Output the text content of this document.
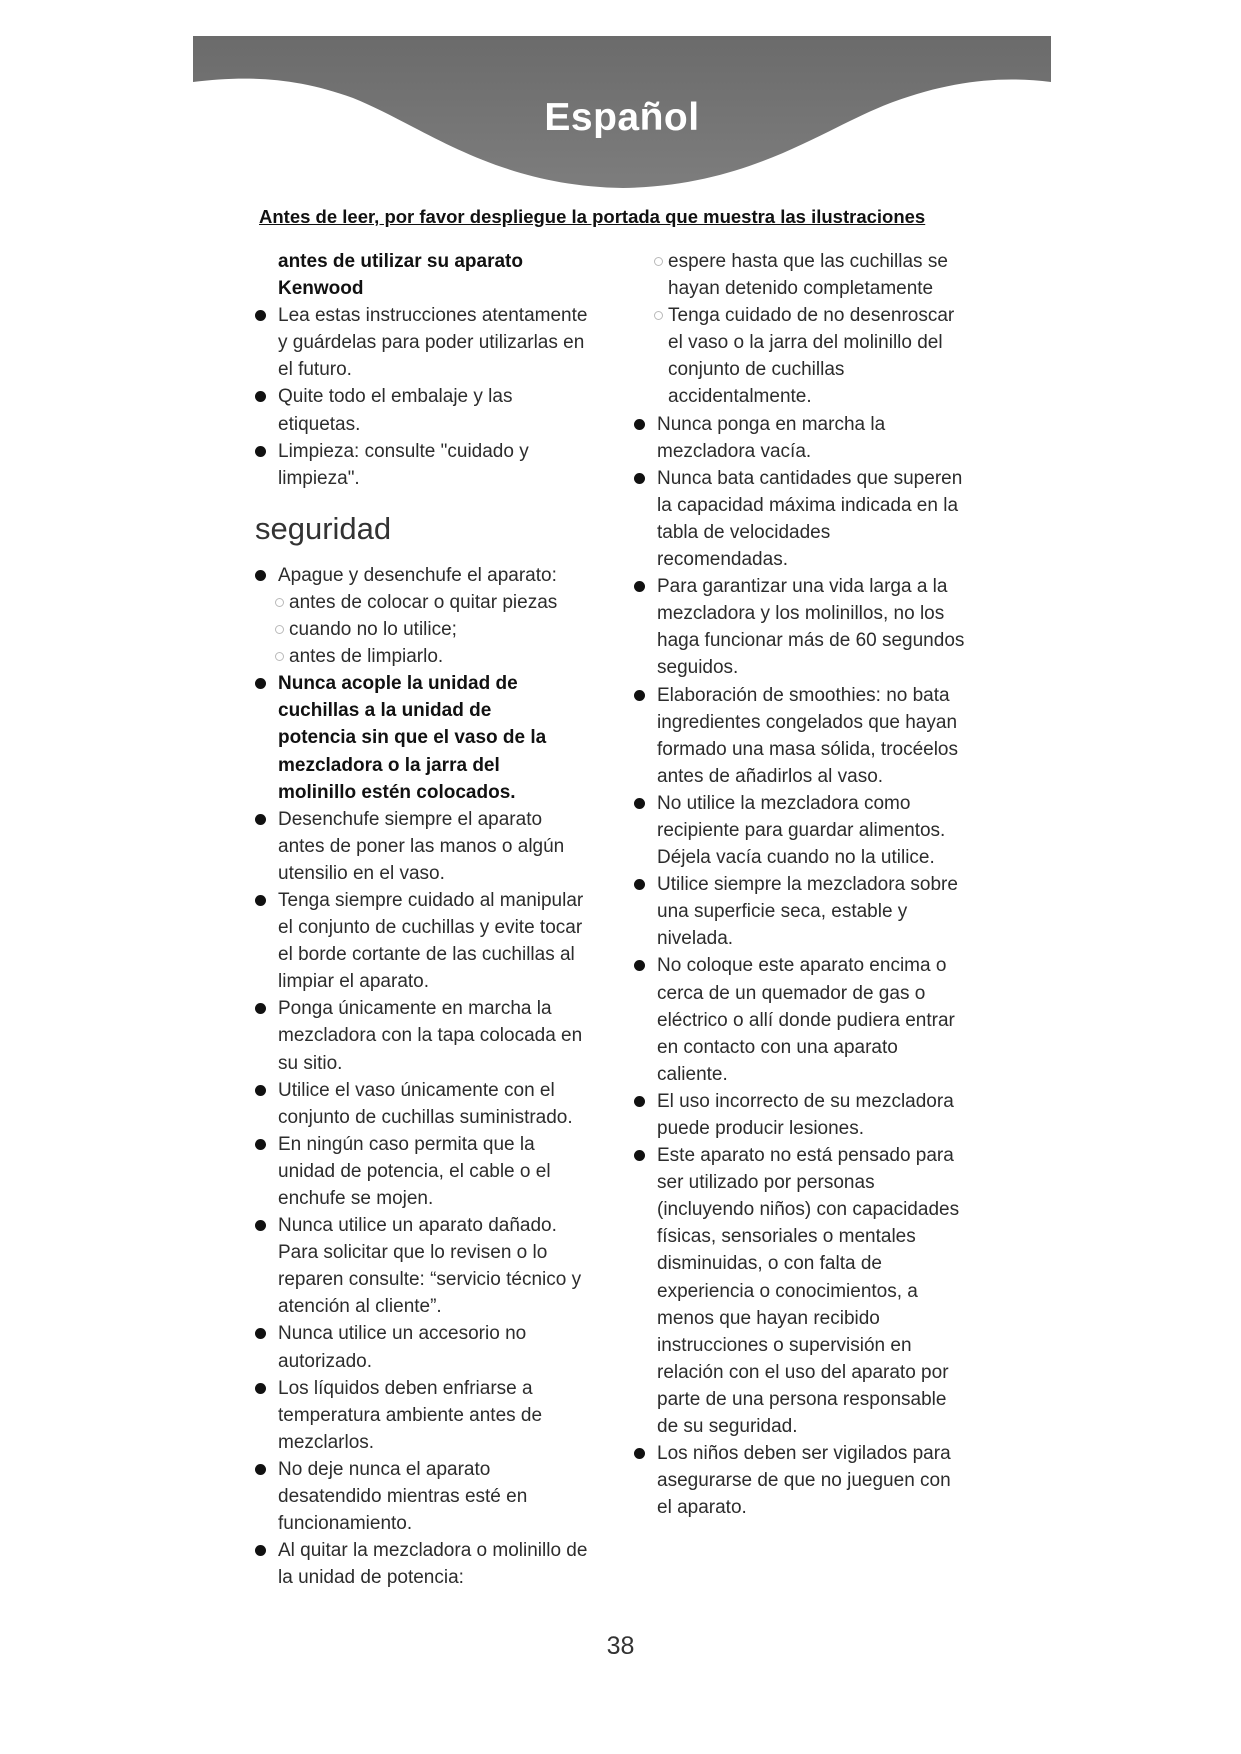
Español
Antes de leer, por favor despliegue la portada que muestra las ilustraciones
antes de utilizar su aparato
Kenwood
Lea estas instrucciones atentamente
y guárdelas para poder utilizarlas en
el futuro.
Quite todo el embalaje y las
etiquetas.
Limpieza: consulte "cuidado y
limpieza".
seguridad
Apague y desenchufe el aparato:
antes de colocar o quitar piezas
cuando no lo utilice;
antes de limpiarlo.
Nunca acople la unidad de
cuchillas a la unidad de
potencia sin que el vaso de la
mezcladora o la jarra del
molinillo estén colocados.
Desenchufe siempre el aparato
antes de poner las manos o algún
utensilio en el vaso.
Tenga siempre cuidado al manipular
el conjunto de cuchillas y evite tocar
el borde cortante de las cuchillas al
limpiar el aparato.
Ponga únicamente en marcha la
mezcladora con la tapa colocada en
su sitio.
Utilice el vaso únicamente con el
conjunto de cuchillas suministrado.
En ningún caso permita que la
unidad de potencia, el cable o el
enchufe se mojen.
Nunca utilice un aparato dañado.
Para solicitar que lo revisen o lo
reparen consulte: “servicio técnico y
atención al cliente”.
Nunca utilice un accesorio no
autorizado.
Los líquidos deben enfriarse a
temperatura ambiente antes de
mezclarlos.
No deje nunca el aparato
desatendido mientras esté en
funcionamiento.
Al quitar la mezcladora o molinillo de
la unidad de potencia:
espere hasta que las cuchillas se
hayan detenido completamente
Tenga cuidado de no desenroscar
el vaso o la jarra del molinillo del
conjunto de cuchillas
accidentalmente.
Nunca ponga en marcha la
mezcladora vacía.
Nunca bata cantidades que superen
la capacidad máxima indicada en la
tabla de velocidades
recomendadas.
Para garantizar una vida larga a la
mezcladora y los molinillos, no los
haga funcionar más de 60 segundos
seguidos.
Elaboración de smoothies: no bata
ingredientes congelados que hayan
formado una masa sólida, trocéelos
antes de añadirlos al vaso.
No utilice la mezcladora como
recipiente para guardar alimentos.
Déjela vacía cuando no la utilice.
Utilice siempre la mezcladora sobre
una superficie seca, estable y
nivelada.
No coloque este aparato encima o
cerca de un quemador de gas o
eléctrico o allí donde pudiera entrar
en contacto con una aparato
caliente.
El uso incorrecto de su mezcladora
puede producir lesiones.
Este aparato no está pensado para
ser utilizado por personas
(incluyendo niños) con capacidades
físicas, sensoriales o mentales
disminuidas, o con falta de
experiencia o conocimientos, a
menos que hayan recibido
instrucciones o supervisión en
relación con el uso del aparato por
parte de una persona responsable
de su seguridad.
Los niños deben ser vigilados para
asegurarse de que no jueguen con
el aparato.
38
